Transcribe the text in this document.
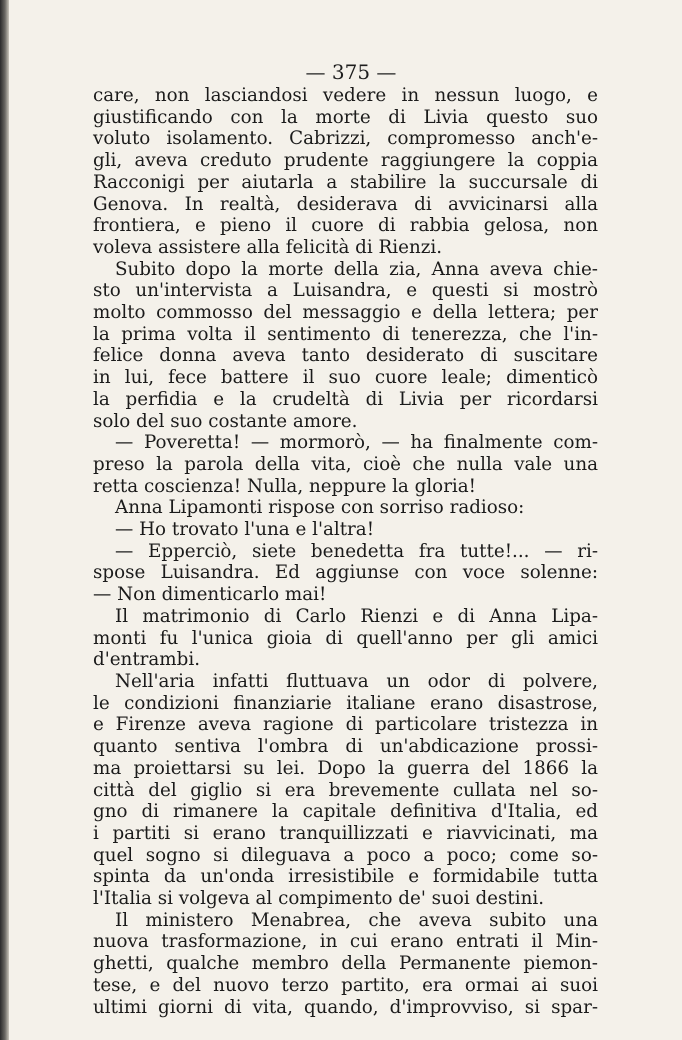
— 375 —

care, non lasciandosi vedere in nessun luogo, e
giustificando con la morte di Livia questo suo
voluto isolamento. Cabrizzi, compromesso anch'e-
gli, aveva creduto prudente raggiungere la coppia
Racconigi per aiutarla a stabilire la succursale di
Genova. In realtà, desiderava di avvicinarsi alla
frontiera, e pieno il cuore di rabbia gelosa, non
voleva assistere alla felicità di Rienzi.
Subito dopo la morte della zia, Anna aveva chie-
sto un'intervista a Luisandra, e questi si mostrò
molto commosso del messaggio e della lettera; per
la prima volta il sentimento di tenerezza, che l'in-
felice donna aveva tanto desiderato di suscitare
in lui, fece battere il suo cuore leale; dimenticò
la perfidia e la crudeltà di Livia per ricordarsi
solo del suo costante amore.
— Poveretta! — mormorò, — ha finalmente com-
preso la parola della vita, cioè che nulla vale una
retta coscienza! Nulla, neppure la gloria!
Anna Lipamonti rispose con sorriso radioso:
— Ho trovato l'una e l'altra!
— Epperciò, siete benedetta fra tutte!... — ri-
spose Luisandra. Ed aggiunse con voce solenne:
— Non dimenticarlo mai!
Il matrimonio di Carlo Rienzi e di Anna Lipa-
monti fu l'unica gioia di quell'anno per gli amici
d'entrambi.
Nell'aria infatti fluttuava un odor di polvere,
le condizioni finanziarie italiane erano disastrose,
e Firenze aveva ragione di particolare tristezza in
quanto sentiva l'ombra di un'abdicazione prossi-
ma proiettarsi su lei. Dopo la guerra del 1866 la
città del giglio si era brevemente cullata nel so-
gno di rimanere la capitale definitiva d'Italia, ed
i partiti si erano tranquillizzati e riavvicinati, ma
quel sogno si dileguava a poco a poco; come so-
spinta da un'onda irresistibile e formidabile tutta
l'Italia si volgeva al compimento de' suoi destini.
Il ministero Menabrea, che aveva subito una
nuova trasformazione, in cui erano entrati il Min-
ghetti, qualche membro della Permanente piemon-
tese, e del nuovo terzo partito, era ormai ai suoi
ultimi giorni di vita, quando, d'improvviso, si spar-
